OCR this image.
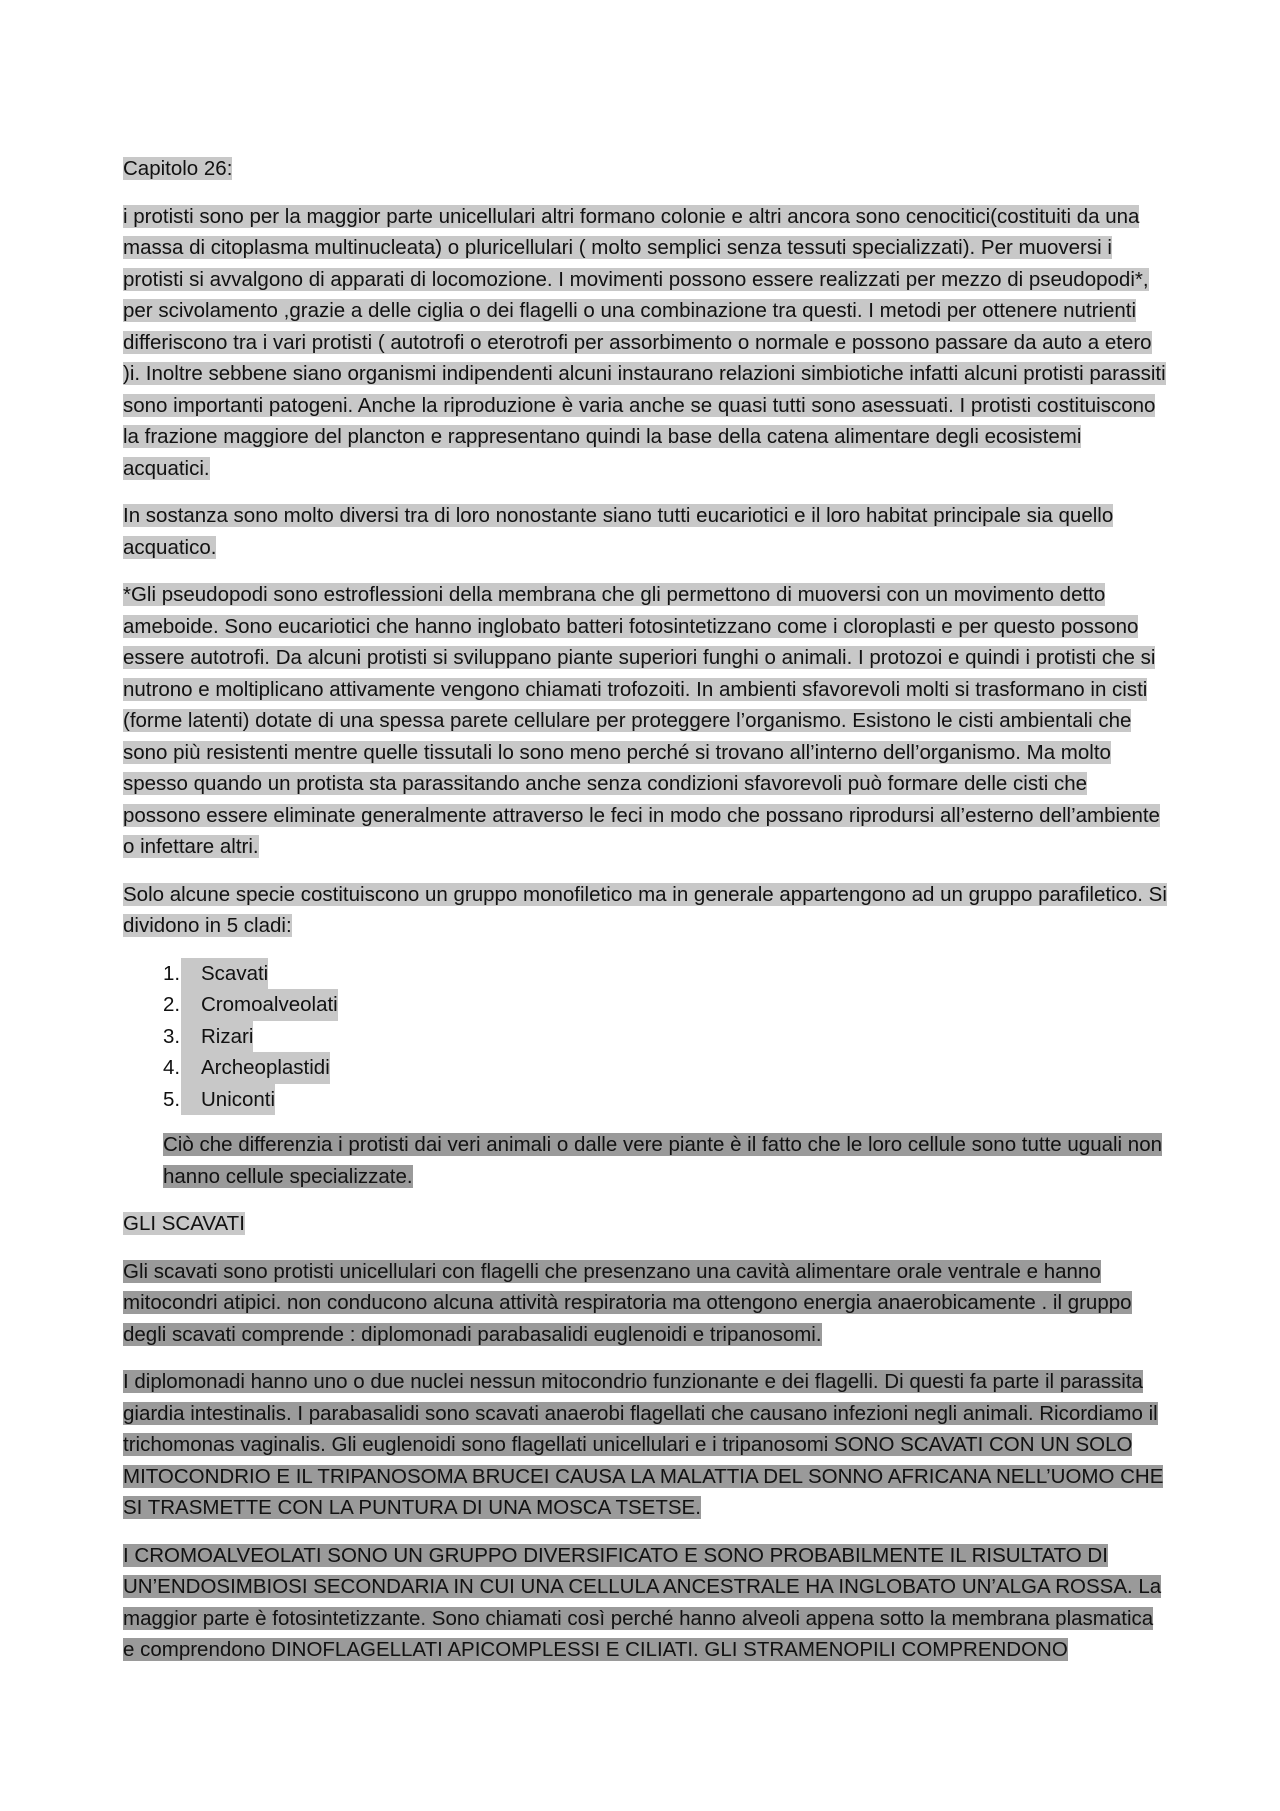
Capitolo 26:

i protisti sono per la maggior parte unicellulari altri formano colonie e altri ancora sono cenocitici(costituiti da una massa di citoplasma multinucleata) o pluricellulari ( molto semplici senza tessuti specializzati). Per muoversi i protisti si avvalgono di apparati di locomozione. I movimenti possono essere realizzati per mezzo di pseudopodi*, per scivolamento ,grazie a delle ciglia o dei flagelli o una combinazione tra questi. I metodi per ottenere nutrienti differiscono tra i vari protisti ( autotrofi o eterotrofi per assorbimento o normale e possono passare da auto a etero )i. Inoltre sebbene siano organismi indipendenti alcuni instaurano relazioni simbiotiche infatti alcuni protisti parassiti sono importanti patogeni. Anche la riproduzione è varia anche se quasi tutti sono asessuati. I protisti costituiscono la frazione maggiore del plancton e rappresentano quindi la base della catena alimentare degli ecosistemi acquatici.

In sostanza sono molto diversi tra di loro nonostante siano tutti eucariotici e il loro habitat principale sia quello acquatico.

*Gli pseudopodi sono estroflessioni della membrana che gli permettono di muoversi con un movimento detto ameboide. Sono eucariotici che hanno inglobato batteri fotosintetizzano come i cloroplasti e per questo possono essere autotrofi. Da alcuni protisti si sviluppano piante superiori funghi o animali. I protozoi e quindi i protisti che si nutrono e moltiplicano attivamente vengono chiamati trofozoiti. In ambienti sfavorevoli molti si trasformano in cisti (forme latenti) dotate di una spessa parete cellulare per proteggere l’organismo. Esistono le cisti ambientali che sono più resistenti mentre quelle tissutali lo sono meno perché si trovano all’interno dell’organismo. Ma molto spesso quando un protista sta parassitando anche senza condizioni sfavorevoli può formare delle cisti che possono essere eliminate generalmente attraverso le feci in modo che possano riprodursi all’esterno dell’ambiente o infettare altri.

Solo alcune specie costituiscono un gruppo monofiletico ma in generale appartengono ad un gruppo parafiletico. Si dividono in 5 cladi:

1.	Scavati
2.	Cromoalveolati
3.	Rizari
4.	Archeoplastidi
5.	Uniconti

Ciò che differenzia i protisti dai veri animali o dalle vere piante è il fatto che le loro cellule sono tutte uguali non hanno cellule specializzate.

GLI SCAVATI

Gli scavati sono protisti unicellulari con flagelli che presenzano una cavità alimentare orale ventrale e hanno mitocondri atipici. non conducono alcuna attività respiratoria ma ottengono energia anaerobicamente . il gruppo degli scavati comprende : diplomonadi parabasalidi euglenoidi e tripanosomi.

I diplomonadi hanno uno o due nuclei nessun mitocondrio funzionante e dei flagelli. Di questi fa parte il parassita giardia intestinalis. I parabasalidi sono scavati anaerobi flagellati che causano infezioni negli animali. Ricordiamo il trichomonas vaginalis. Gli euglenoidi sono flagellati unicellulari e i tripanosomi SONO SCAVATI CON UN SOLO MITOCONDRIO E IL TRIPANOSOMA BRUCEI CAUSA LA MALATTIA DEL SONNO AFRICANA NELL’UOMO CHE SI TRASMETTE CON LA PUNTURA DI UNA MOSCA TSETSE.

I CROMOALVEOLATI SONO UN GRUPPO DIVERSIFICATO E SONO PROBABILMENTE IL RISULTATO DI UN’ENDOSIMBIOSI SECONDARIA IN CUI UNA CELLULA ANCESTRALE HA INGLOBATO UN’ALGA ROSSA. La maggior parte è fotosintetizzante. Sono chiamati così perché hanno alveoli appena sotto la membrana plasmatica e comprendono DINOFLAGELLATI APICOMPLESSI E CILIATI. GLI STRAMENOPILI COMPRENDONO
